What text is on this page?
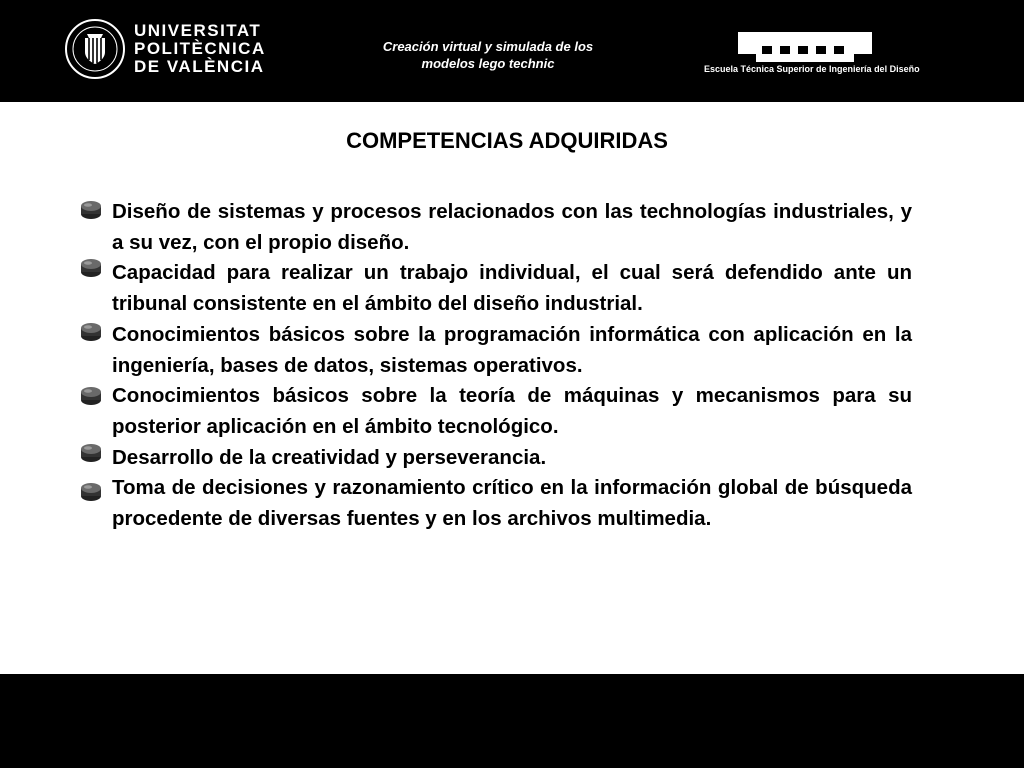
UNIVERSITAT
POLITÈCNICA
DE VALÈNCIA
Creación virtual y simulada de los
modelos lego technic	Escuela Técnica Superior de Ingeniería del Diseño
COMPETENCIAS ADQUIRIDAS

Diseño de sistemas y procesos relacionados con las technologías industriales, y a su vez, con el propio diseño.

Capacidad para realizar un trabajo individual, el cual será defendido ante un tribunal consistente en el ámbito del diseño industrial.

Conocimientos básicos sobre la programación informática con aplicación en la ingeniería, bases de datos, sistemas operativos.

Conocimientos básicos sobre la teoría de máquinas y mecanismos para su posterior aplicación en el ámbito tecnológico.

Desarrollo de la creatividad y perseverancia.

Toma de decisiones y razonamiento crítico en la información global de búsqueda procedente de diversas fuentes y en los archivos multimedia.
